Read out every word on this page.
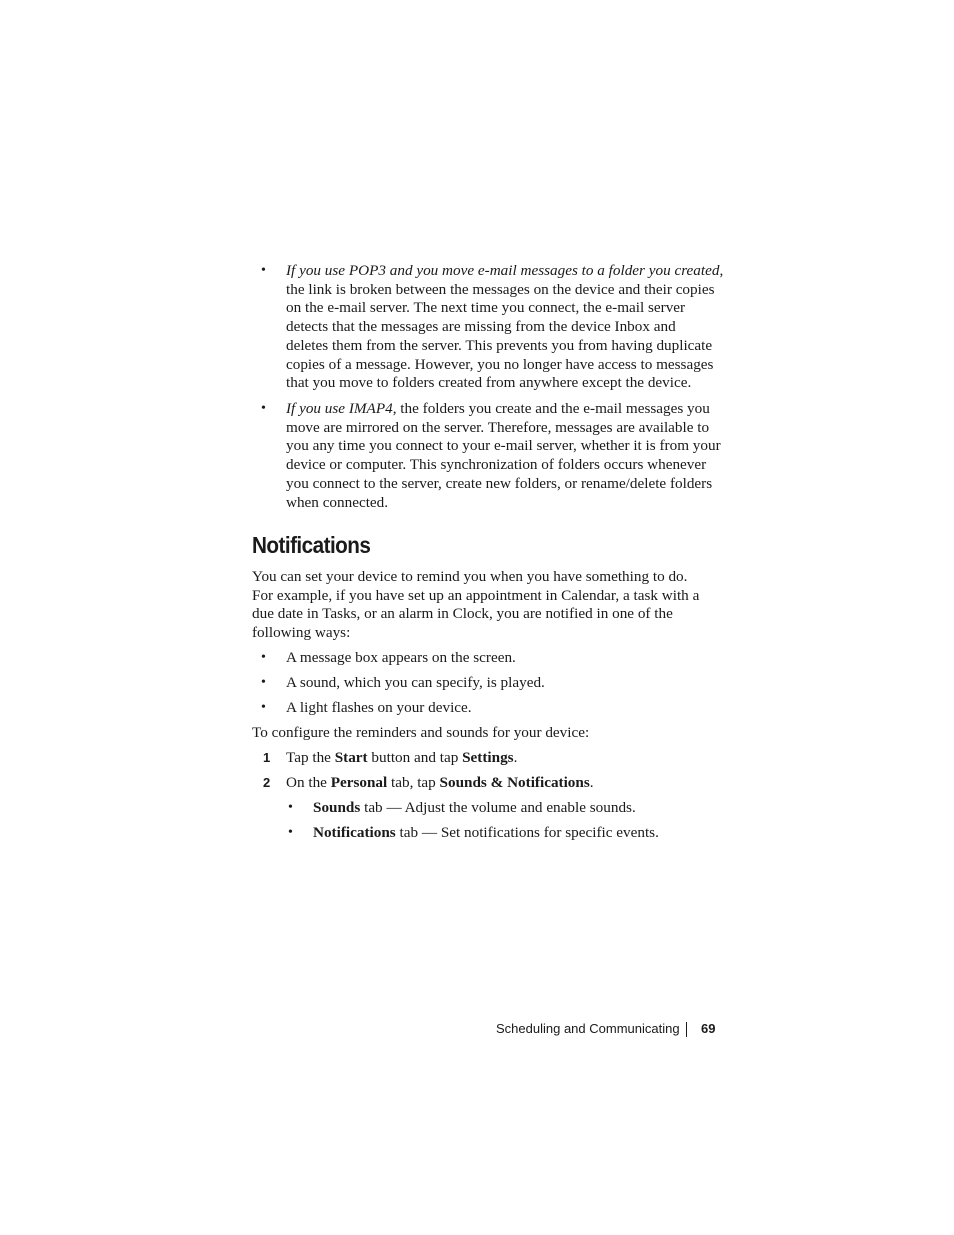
• If you use POP3 and you move e-mail messages to a folder you created,
the link is broken between the messages on the device and their copies
on the e-mail server. The next time you connect, the e-mail server
detects that the messages are missing from the device Inbox and
deletes them from the server. This prevents you from having duplicate
copies of a message. However, you no longer have access to messages
that you move to folders created from anywhere except the device.
• If you use IMAP4, the folders you create and the e-mail messages you
move are mirrored on the server. Therefore, messages are available to
you any time you connect to your e-mail server, whether it is from your
device or computer. This synchronization of folders occurs whenever
you connect to the server, create new folders, or rename/delete folders
when connected.
Notifications
You can set your device to remind you when you have something to do.
For example, if you have set up an appointment in Calendar, a task with a
due date in Tasks, or an alarm in Clock, you are notified in one of the
following ways:
• A message box appears on the screen.
• A sound, which you can specify, is played.
• A light flashes on your device.
To configure the reminders and sounds for your device:
1 Tap the Start button and tap Settings.
2 On the Personal tab, tap Sounds & Notifications.
• Sounds tab — Adjust the volume and enable sounds.
• Notifications tab — Set notifications for specific events.
Scheduling and Communicating 69
